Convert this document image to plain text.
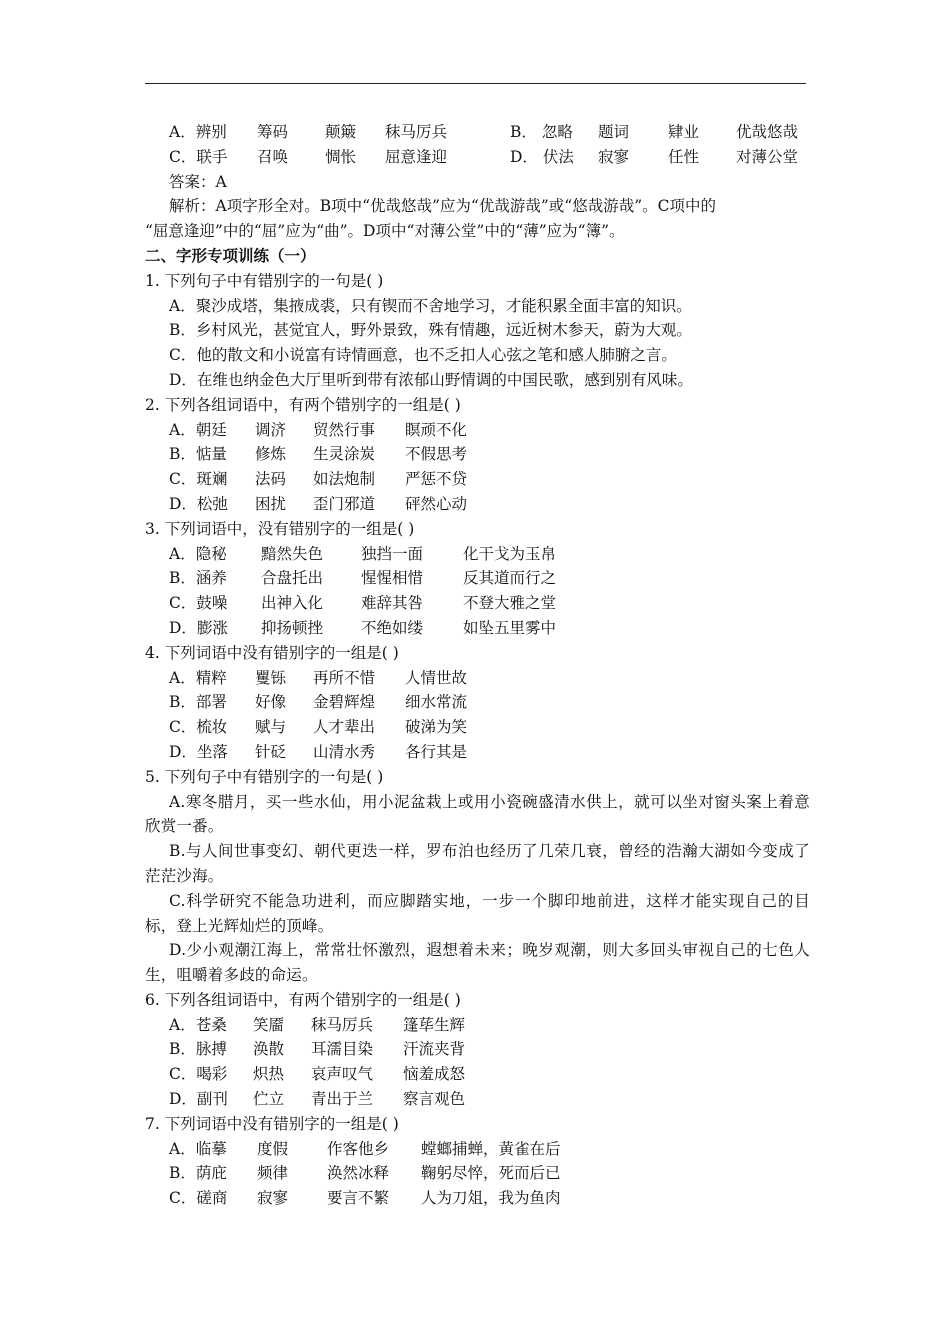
A．辨别	筹码	颠簸	秣马厉兵	B． 忽略	题词	肄业	优哉悠哉
C．联手	召唤	惆怅	屈意逢迎	D． 伏法	寂寥	任性	对薄公堂
答案：A
解析：A项字形全对。B项中“优哉悠哉”应为“优哉游哉”或“悠哉游哉”。C项中的
“屈意逢迎”中的“屈”应为“曲”。D项中“对薄公堂”中的“薄”应为“簿”。
二、字形专项训练（一）
1. 下列句子中有错别字的一句是( )
A．聚沙成塔，集掖成裘，只有锲而不舍地学习，才能积累全面丰富的知识。
B．乡村风光，甚觉宜人，野外景致，殊有情趣，远近树木参天，蔚为大观。
C．他的散文和小说富有诗情画意，也不乏扣人心弦之笔和感人肺腑之言。
D．在维也纳金色大厅里听到带有浓郁山野情调的中国民歌，感到别有风味。
2. 下列各组词语中，有两个错别字的一组是( )
A．朝廷	调济	贸然行事	瞑顽不化
B．惦量	修炼	生灵涂炭	不假思考
C．斑斓	法码	如法炮制	严惩不贷
D．松弛	困扰	歪门邪道	砰然心动
3. 下列词语中，没有错别字的一组是( )
A．隐秘	黯然失色	独挡一面	化干戈为玉帛
B．涵养	合盘托出	惺惺相惜	反其道而行之
C．鼓噪	出神入化	难辞其咎	不登大雅之堂
D．膨涨	抑扬顿挫	不绝如缕	如坠五里雾中
4. 下列词语中没有错别字的一组是( )
A．精粹	矍铄	再所不惜	人情世故
B．部署	好像	金碧辉煌	细水常流
C．梳妆	赋与	人才辈出	破涕为笑
D．坐落	针砭	山清水秀	各行其是
5. 下列句子中有错别字的一句是( )
A.寒冬腊月，买一些水仙，用小泥盆栽上或用小瓷碗盛清水供上，就可以坐对窗头案上着意欣赏一番。
B.与人间世事变幻、朝代更迭一样，罗布泊也经历了几荣几衰，曾经的浩瀚大湖如今变成了茫茫沙海。
C.科学研究不能急功进利，而应脚踏实地，一步一个脚印地前进，这样才能实现自己的目标，登上光辉灿烂的顶峰。
D.少小观潮江海上，常常壮怀激烈，遐想着未来；晚岁观潮，则大多回头审视自己的七色人生，咀嚼着多歧的命运。
6. 下列各组词语中，有两个错别字的一组是( )
A．苍桑	笑靥	秣马厉兵	篷荜生辉
B．脉搏	涣散	耳濡目染	汗流夹背
C．喝彩	炽热	哀声叹气	恼羞成怒
D．副刊	伫立	青出于兰	察言观色
7. 下列词语中没有错别字的一组是( )
A．临摹	度假	作客他乡	螳螂捕蝉，黄雀在后
B．荫庇	频律	涣然冰释	鞠躬尽悴，死而后已
C．磋商	寂寥	要言不繁	人为刀俎，我为鱼肉
